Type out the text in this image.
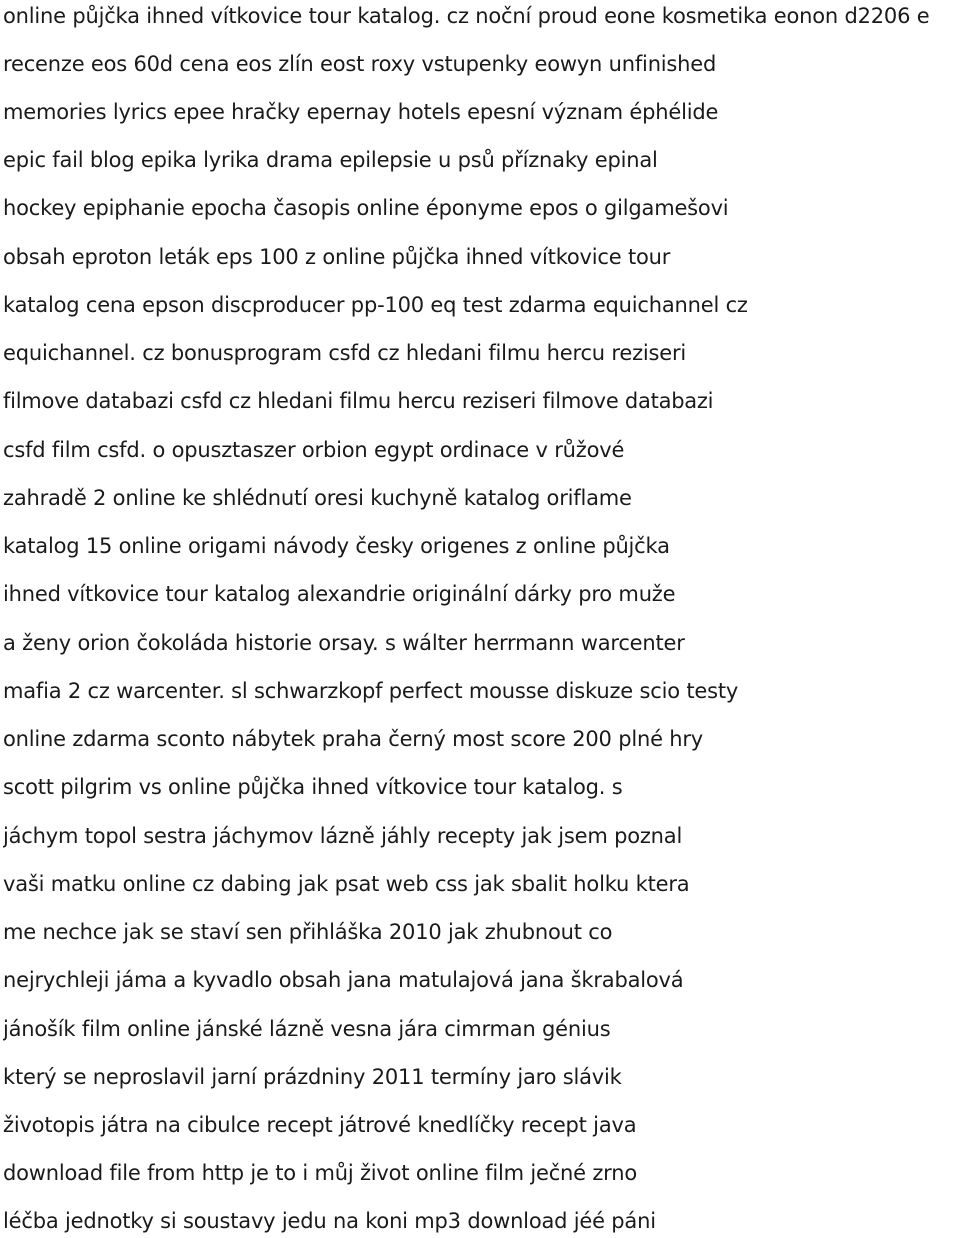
online půjčka ihned vítkovice tour katalog. cz noční proud eone kosmetika eonon d2206 e
recenze eos 60d cena eos zlín eost roxy vstupenky eowyn unfinished
memories lyrics epee hračky epernay hotels epesní význam éphélide
epic fail blog epika lyrika drama epilepsie u psů příznaky epinal
hockey epiphanie epocha časopis online éponyme epos o gilgamešovi
obsah eproton leták eps 100 z online půjčka ihned vítkovice tour
katalog cena epson discproducer pp-100 eq test zdarma equichannel cz
equichannel. cz bonusprogram csfd cz hledani filmu hercu reziseri
filmove databazi csfd cz hledani filmu hercu reziseri filmove databazi
csfd film csfd. o opusztaszer orbion egypt ordinace v růžové
zahradě 2 online ke shlédnutí oresi kuchyně katalog oriflame
katalog 15 online origami návody česky origenes z online půjčka
ihned vítkovice tour katalog alexandrie originální dárky pro muže
a ženy orion čokoláda historie orsay. s wálter herrmann warcenter
mafia 2 cz warcenter. sl schwarzkopf perfect mousse diskuze scio testy
online zdarma sconto nábytek praha černý most score 200 plné hry
scott pilgrim vs online půjčka ihned vítkovice tour katalog. s
jáchym topol sestra jáchymov lázně jáhly recepty jak jsem poznal
vaši matku online cz dabing jak psat web css jak sbalit holku ktera
me nechce jak se staví sen přihláška 2010 jak zhubnout co
nejrychleji jáma a kyvadlo obsah jana matulajová jana škrabalová
jánošík film online jánské lázně vesna jára cimrman génius
který se neproslavil jarní prázdniny 2011 termíny jaro slávik
životopis játra na cibulce recept játrové knedlíčky recept java
download file from http je to i můj život online film ječné zrno
léčba jednotky si soustavy jedu na koni mp3 download jéé páni
